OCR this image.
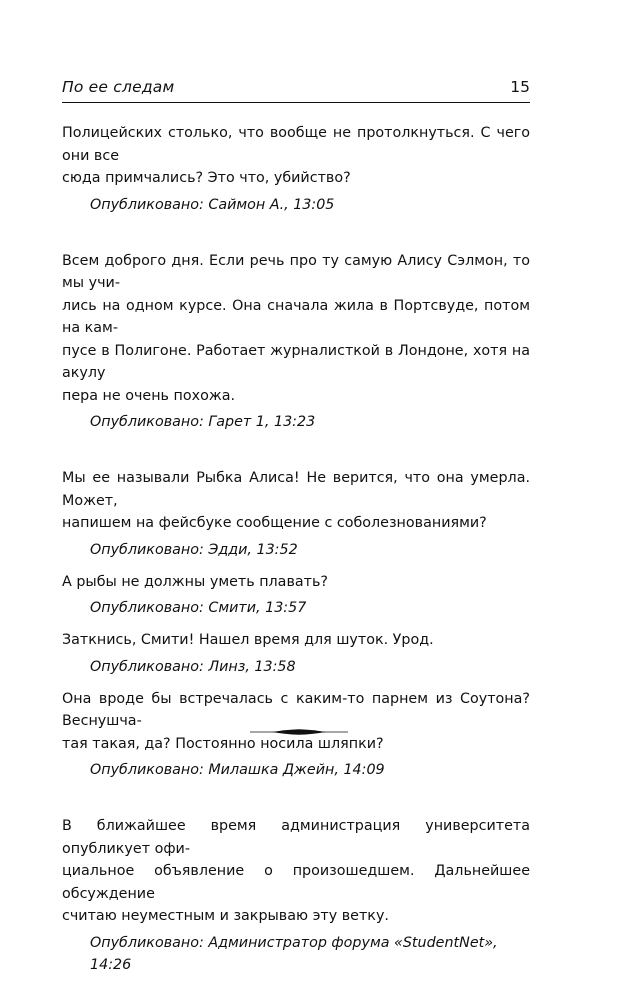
По ее следам	15

Полицейских столько, что вообще не протолкнуться. С чего они все
сюда примчались? Это что, убийство?

Опубликовано: Саймон А., 13:05

Всем доброго дня. Если речь про ту самую Алису Сэлмон, то мы учи-
лись на одном курсе. Она сначала жила в Портсвуде, потом на кам-
пусе в Полигоне. Работает журналисткой в Лондоне, хотя на акулу
пера не очень похожа.

Опубликовано: Гарет 1, 13:23

Мы ее называли Рыбка Алиса! Не верится, что она умерла. Может,
напишем на фейсбуке сообщение с соболезнованиями?

Опубликовано: Эдди, 13:52

А рыбы не должны уметь плавать?

Опубликовано: Смити, 13:57

Заткнись, Смити! Нашел время для шуток. Урод.

Опубликовано: Линз, 13:58

Она вроде бы встречалась с каким-то парнем из Соутона? Веснушча-
тая такая, да? Постоянно носила шляпки?

Опубликовано: Милашка Джейн, 14:09

В ближайшее время администрация университета опубликует офи-
циальное объявление о произошедшем. Дальнейшее обсуждение
считаю неуместным и закрываю эту ветку.

Опубликовано: Администратор форума «StudentNet», 14:26
